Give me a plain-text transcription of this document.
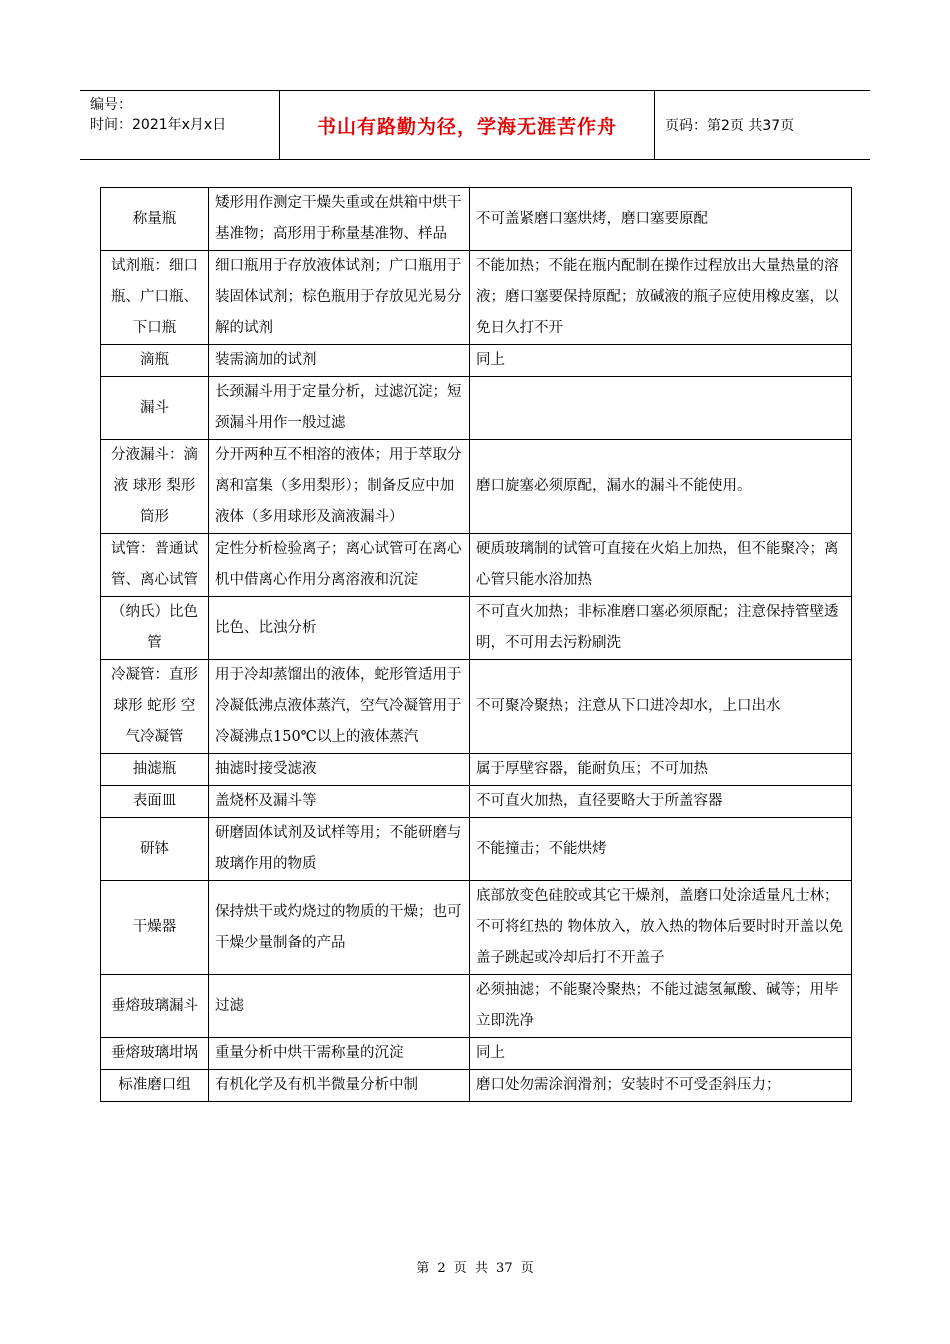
编号：
时间：2021年x月x日	书山有路勤为径，学海无涯苦作舟	页码：第2页 共37页
称量瓶	矮形用作测定干燥失重或在烘箱中烘干基准物；高形用于称量基准物、样品	不可盖紧磨口塞烘烤，磨口塞要原配
试剂瓶：细口瓶、广口瓶、下口瓶	细口瓶用于存放液体试剂；广口瓶用于装固体试剂；棕色瓶用于存放见光易分解的试剂	不能加热；不能在瓶内配制在操作过程放出大量热量的溶液；磨口塞要保持原配；放碱液的瓶子应使用橡皮塞，以免日久打不开
滴瓶	装需滴加的试剂	同上
漏斗	长颈漏斗用于定量分析，过滤沉淀；短颈漏斗用作一般过滤	
分液漏斗：滴液 球形 梨形 筒形	分开两种互不相溶的液体；用于萃取分离和富集（多用梨形）；制备反应中加液体（多用球形及滴液漏斗）	磨口旋塞必须原配，漏水的漏斗不能使用。
试管：普通试管、离心试管	定性分析检验离子；离心试管可在离心机中借离心作用分离溶液和沉淀	硬质玻璃制的试管可直接在火焰上加热，但不能聚冷；离心管只能水浴加热
（纳氏）比色管	比色、比浊分析	不可直火加热；非标准磨口塞必须原配；注意保持管壁透明，不可用去污粉刷洗
冷凝管：直形 球形 蛇形 空气冷凝管	用于冷却蒸馏出的液体，蛇形管适用于冷凝低沸点液体蒸汽，空气冷凝管用于冷凝沸点150℃以上的液体蒸汽	不可聚冷聚热；注意从下口进冷却水，上口出水
抽滤瓶	抽滤时接受滤液	属于厚壁容器，能耐负压；不可加热
表面皿	盖烧杯及漏斗等	不可直火加热，直径要略大于所盖容器
研钵	研磨固体试剂及试样等用；不能研磨与玻璃作用的物质	不能撞击；不能烘烤
干燥器	保持烘干或灼烧过的物质的干燥；也可干燥少量制备的产品	底部放变色硅胶或其它干燥剂，盖磨口处涂适量凡士林；不可将红热的 物体放入，放入热的物体后要时时开盖以免盖子跳起或冷却后打不开盖子
垂熔玻璃漏斗	过滤	必须抽滤；不能聚冷聚热；不能过滤氢氟酸、碱等；用毕立即洗净
垂熔玻璃坩埚	重量分析中烘干需称量的沉淀	同上
标准磨口组	有机化学及有机半微量分析中制	磨口处勿需涂润滑剂；安装时不可受歪斜压力；
第 2 页 共 37 页
